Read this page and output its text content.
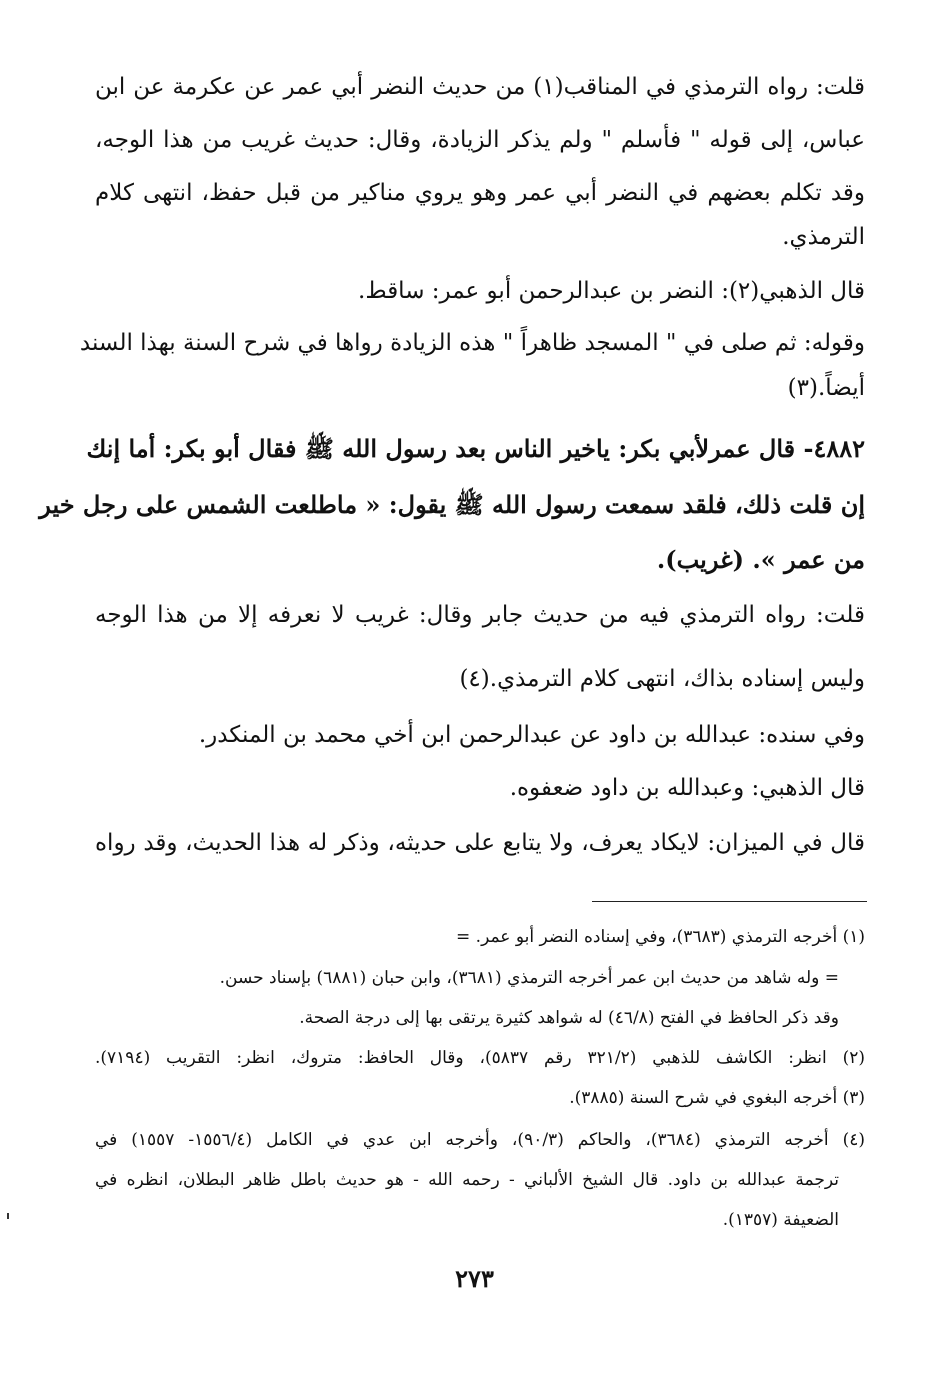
قلت: رواه الترمذي في المناقب(١) من حديث النضر أبي عمر عن عكرمة عن ابن
عباس، إلى قوله " فأسلم " ولم يذكر الزيادة، وقال: حديث غريب من هذا الوجه،
وقد تكلم بعضهم في النضر أبي عمر وهو يروي مناكير من قبل حفظ، انتهى كلام
الترمذي.
قال الذهبي(٢): النضر بن عبدالرحمن أبو عمر: ساقط.
وقوله: ثم صلى في " المسجد ظاهراً " هذه الزيادة رواها في شرح السنة بهذا السند
أيضاً.(٣)
٤٨٨٢- قال عمرلأبي بكر: ياخير الناس بعد رسول الله ﷺ فقال أبو بكر: أما إنك
إن قلت ذلك، فلقد سمعت رسول الله ﷺ يقول: « ماطلعت الشمس على رجل خير
من عمر ». (غريب).
قلت: رواه الترمذي فيه من حديث جابر وقال: غريب لا نعرفه إلا من هذا الوجه
وليس إسناده بذاك، انتهى كلام الترمذي.(٤)
وفي سنده: عبدالله بن داود عن عبدالرحمن ابن أخي محمد بن المنكدر.
قال الذهبي: وعبدالله بن داود ضعفوه.
قال في الميزان: لايكاد يعرف، ولا يتابع على حديثه، وذكر له هذا الحديث، وقد رواه
(١) أخرجه الترمذي (٣٦٨٣)، وفي إسناده النضر أبو عمر. =
= وله شاهد من حديث ابن عمر أخرجه الترمذي (٣٦٨١)، وابن حبان (٦٨٨١) بإسناد حسن.
وقد ذكر الحافظ في الفتح (٤٦/٨) له شواهد كثيرة يرتقى بها إلى درجة الصحة.
(٢) انظر: الكاشف للذهبي (٣٢١/٢ رقم ٥٨٣٧)، وقال الحافظ: متروك، انظر: التقريب (٧١٩٤).
(٣) أخرجه البغوي في شرح السنة (٣٨٨٥).
(٤) أخرجه الترمذي (٣٦٨٤)، والحاكم (٩٠/٣)، وأخرجه ابن عدي في الكامل (١٥٥٦/٤- ١٥٥٧) في
ترجمة عبدالله بن داود. قال الشيخ الألباني - رحمه الله - هو حديث باطل ظاهر البطلان، انظره في
الضعيفة (١٣٥٧).
٢٧٣
